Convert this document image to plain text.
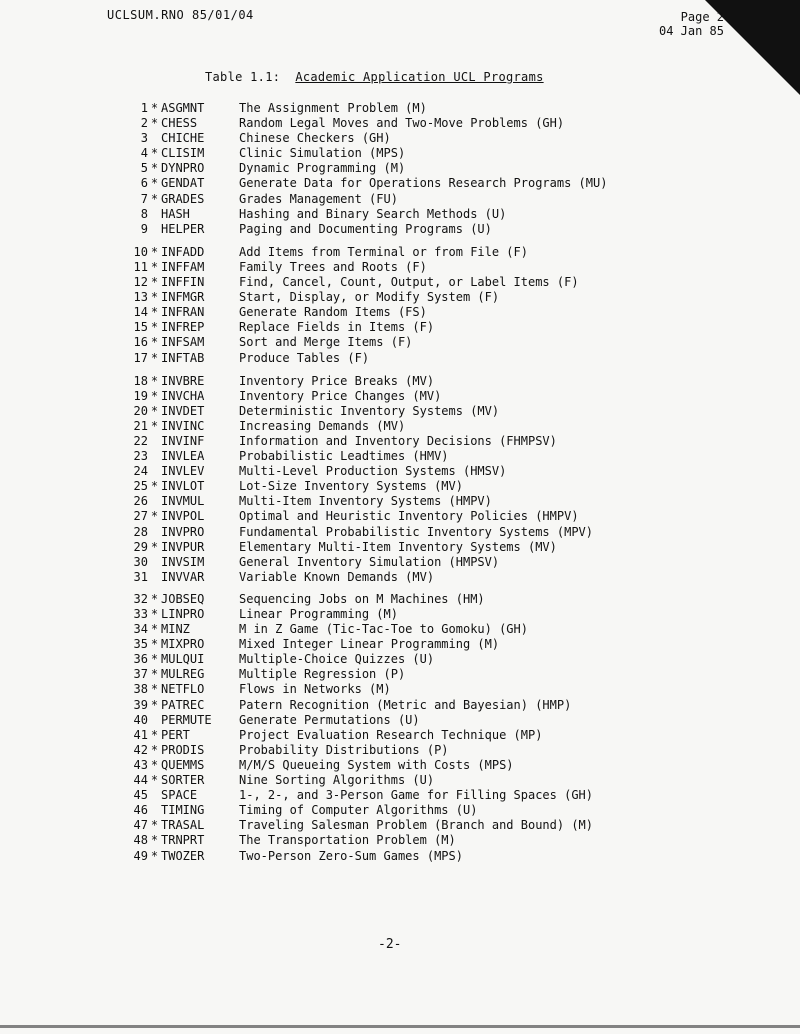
UCLSUM.RNO 85/01/04	Page 2
04 Jan 85
Table 1.1: Academic Application UCL Programs
1 * ASGMNT	The Assignment Problem (M)
2 * CHESS	Random Legal Moves and Two-Move Problems (GH)
3 CHICHE	Chinese Checkers (GH)
4 * CLISIM	Clinic Simulation (MPS)
5 * DYNPRO	Dynamic Programming (M)
6 * GENDAT	Generate Data for Operations Research Programs (MU)
7 * GRADES	Grades Management (FU)
8 HASH	Hashing and Binary Search Methods (U)
9 HELPER	Paging and Documenting Programs (U)
10 * INFADD	Add Items from Terminal or from File (F)
11 * INFFAM	Family Trees and Roots (F)
12 * INFFIN	Find, Cancel, Count, Output, or Label Items (F)
13 * INFMGR	Start, Display, or Modify System (F)
14 * INFRAN	Generate Random Items (FS)
15 * INFREP	Replace Fields in Items (F)
16 * INFSAM	Sort and Merge Items (F)
17 * INFTAB	Produce Tables (F)
18 * INVBRE	Inventory Price Breaks (MV)
19 * INVCHA	Inventory Price Changes (MV)
20 * INVDET	Deterministic Inventory Systems (MV)
21 * INVINC	Increasing Demands (MV)
22 INVINF	Information and Inventory Decisions (FHMPSV)
23 INVLEA	Probabilistic Leadtimes (HMV)
24 INVLEV	Multi-Level Production Systems (HMSV)
25 * INVLOT	Lot-Size Inventory Systems (MV)
26 INVMUL	Multi-Item Inventory Systems (HMPV)
27 * INVPOL	Optimal and Heuristic Inventory Policies (HMPV)
28 INVPRO	Fundamental Probabilistic Inventory Systems (MPV)
29 * INVPUR	Elementary Multi-Item Inventory Systems (MV)
30 INVSIM	General Inventory Simulation (HMPSV)
31 INVVAR	Variable Known Demands (MV)
32 * JOBSEQ	Sequencing Jobs on M Machines (HM)
33 * LINPRO	Linear Programming (M)
34 * MINZ	M in Z Game (Tic-Tac-Toe to Gomoku) (GH)
35 * MIXPRO	Mixed Integer Linear Programming (M)
36 * MULQUI	Multiple-Choice Quizzes (U)
37 * MULREG	Multiple Regression (P)
38 * NETFLO	Flows in Networks (M)
39 * PATREC	Patern Recognition (Metric and Bayesian) (HMP)
40 PERMUTE	Generate Permutations (U)
41 * PERT	Project Evaluation Research Technique (MP)
42 * PRODIS	Probability Distributions (P)
43 * QUEMMS	M/M/S Queueing System with Costs (MPS)
44 * SORTER	Nine Sorting Algorithms (U)
45 SPACE	1-, 2-, and 3-Person Game for Filling Spaces (GH)
46 TIMING	Timing of Computer Algorithms (U)
47 * TRASAL	Traveling Salesman Problem (Branch and Bound) (M)
48 * TRNPRT	The Transportation Problem (M)
49 * TWOZER	Two-Person Zero-Sum Games (MPS)
-2-
